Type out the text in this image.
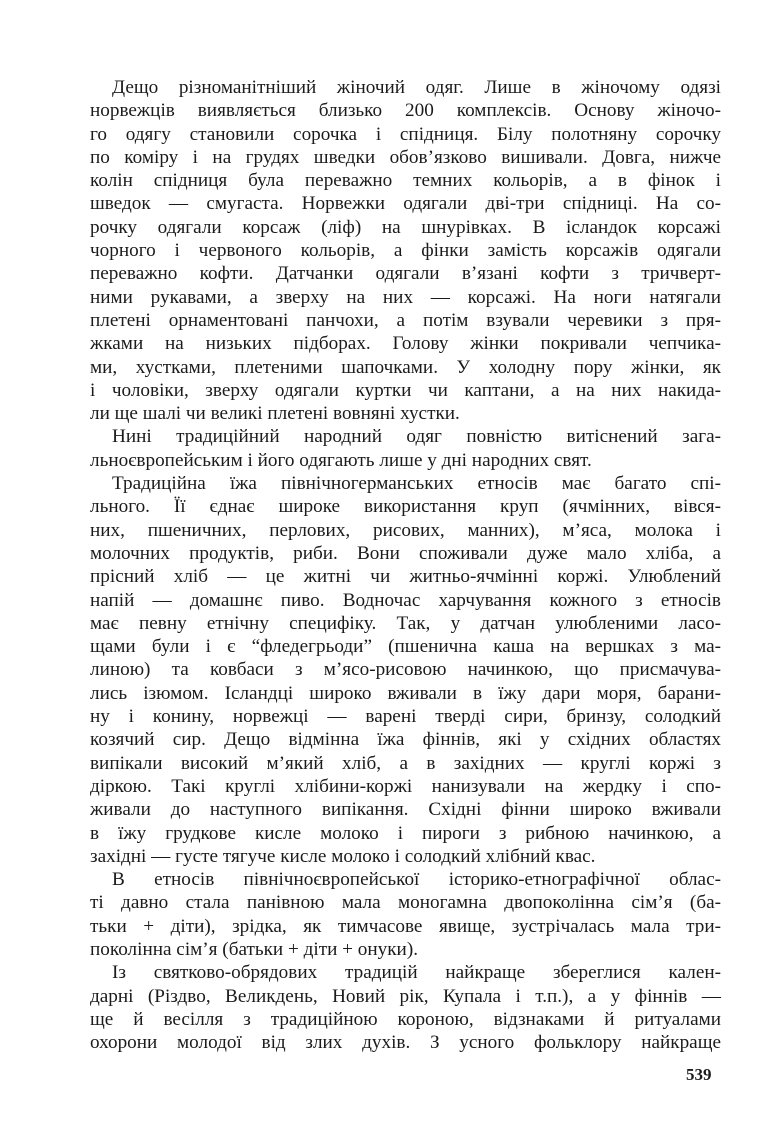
Дещо різноманітніший жіночий одяг. Лише в жіночому одязі
норвежців виявляється близько 200 комплексів. Основу жіночо-
го одягу становили сорочка і спідниця. Білу полотняну сорочку
по коміру і на грудях шведки обов’язково вишивали. Довга, нижче
колін спідниця була переважно темних кольорів, а в фінок і
шведок — смугаста. Норвежки одягали дві-три спідниці. На со-
рочку одягали корсаж (ліф) на шнурівках. В ісландок корсажі
чорного і червоного кольорів, а фінки замість корсажів одягали
переважно кофти. Датчанки одягали в’язані кофти з тричверт-
ними рукавами, а зверху на них — корсажі. На ноги натягали
плетені орнаментовані панчохи, а потім взували черевики з пря-
жками на низьких підборах. Голову жінки покривали чепчика-
ми, хустками, плетеними шапочками. У холодну пору жінки, як
і чоловіки, зверху одягали куртки чи каптани, а на них накида-
ли ще шалі чи великі плетені вовняні хустки.
Нині традиційний народний одяг повністю витіснений зага-
льноєвропейським і його одягають лише у дні народних свят.
Традиційна їжа північногерманських етносів має багато спі-
льного. Її єднає широке використання круп (ячмінних, вівся-
них, пшеничних, перлових, рисових, манних), м’яса, молока і
молочних продуктів, риби. Вони споживали дуже мало хліба, а
прісний хліб — це житні чи житньо-ячмінні коржі. Улюблений
напій — домашнє пиво. Водночас харчування кожного з етносів
має певну етнічну специфіку. Так, у датчан улюбленими ласо-
щами були і є “фледегрьоди” (пшенична каша на вершках з ма-
линою) та ковбаси з м’ясо-рисовою начинкою, що присмачува-
лись ізюмом. Ісландці широко вживали в їжу дари моря, барани-
ну і конину, норвежці — варені тверді сири, бринзу, солодкий
козячий сир. Дещо відмінна їжа фіннів, які у східних областях
випікали високий м’який хліб, а в західних — круглі коржі з
діркою. Такі круглі хлібини-коржі нанизували на жердку і спо-
живали до наступного випікання. Східні фінни широко вживали
в їжу грудкове кисле молоко і пироги з рибною начинкою, а
західні — густе тягуче кисле молоко і солодкий хлібний квас.
В етносів північноєвропейської історико-етнографічної облас-
ті давно стала панівною мала моногамна двопоколінна сім’я (ба-
тьки + діти), зрідка, як тимчасове явище, зустрічалась мала три-
поколінна сім’я (батьки + діти + онуки).
Із святково-обрядових традицій найкраще збереглися кален-
дарні (Різдво, Великдень, Новий рік, Купала і т.п.), а у фіннів —
ще й весілля з традиційною короною, відзнаками й ритуалами
охорони молодої від злих духів. З усного фольклору найкраще
539
